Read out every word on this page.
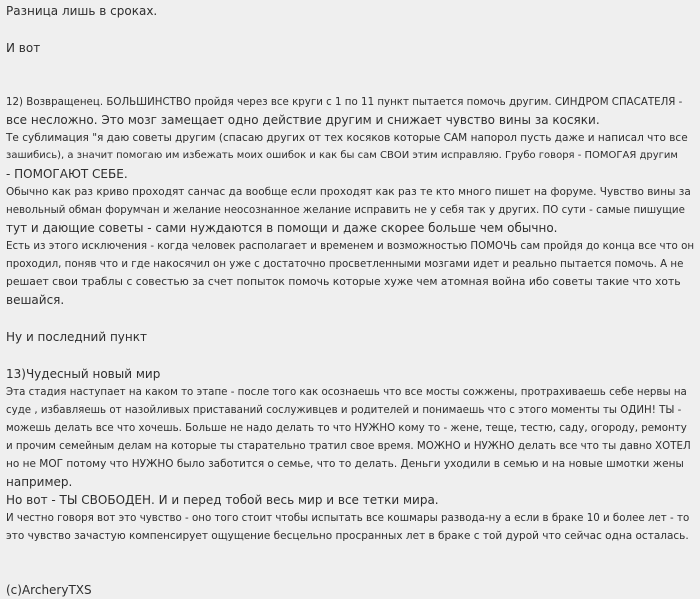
Разница лишь в сроках.
И вот
12) Возвращенец. БОЛЬШИНСТВО пройдя через все круги с 1 по 11 пункт пытается помочь другим. СИНДРОМ СПАСАТЕЛЯ -
все несложно. Это мозг замещает одно действие другим и снижает чувство вины за косяки.
Те сублимация "я даю советы другим (спасаю других от тех косяков которые САМ напорол пусть даже и написал что все
зашибись), а значит помогаю им избежать моих ошибок и как бы сам СВОИ этим исправляю. Грубо говоря - ПОМОГАЯ другим
- ПОМОГАЮТ СЕБЕ.
Обычно как раз криво проходят санчас да вообще если проходят как раз те кто много пишет на форуме. Чувство вины за
невольный обман форумчан и желание неосознанное желание исправить не у себя так у других. ПО сути - самые пишущие
тут и дающие советы - сами нуждаются в помощи и даже скорее больше чем обычно.
Есть из этого исключения - когда человек располагает и временем и возможностью ПОМОЧЬ сам пройдя до конца все что он
проходил, поняв что и где накосячил он уже с достаточно просветленными мозгами идет и реально пытается помочь. А не
решает свои траблы с совестью за счет попыток помочь которые хуже чем атомная война ибо советы такие что хоть
вешайся.
Ну и последний пункт
13)Чудесный новый мир
Эта стадия наступает на каком то этапе - после того как осознаешь что все мосты сожжены, протрахиваешь себе нервы на
суде , избавляешь от назойливых приставаний сослуживцев и родителей и понимаешь что с этого моменты ты ОДИН! ТЫ -
можешь делать все что хочешь. Больше не надо делать то что НУЖНО кому то - жене, теще, тестю, саду, огороду, ремонту
и прочим семейным делам на которые ты старательно тратил свое время. МОЖНО и НУЖНО делать все что ты давно ХОТЕЛ
но не МОГ потому что НУЖНО было заботится о семье, что то делать. Деньги уходили в семью и на новые шмотки жены
например.
Но вот - ТЫ СВОБОДЕН. И и перед тобой весь мир и все тетки мира.
И честно говоря вот это чувство - оно того стоит чтобы испытать все кошмары развода-ну а если в браке 10 и более лет - то
это чувство зачастую компенсирует ощущение бесцельно просранных лет в браке с той дурой что сейчас одна осталась.
(c)ArcheryTXS
